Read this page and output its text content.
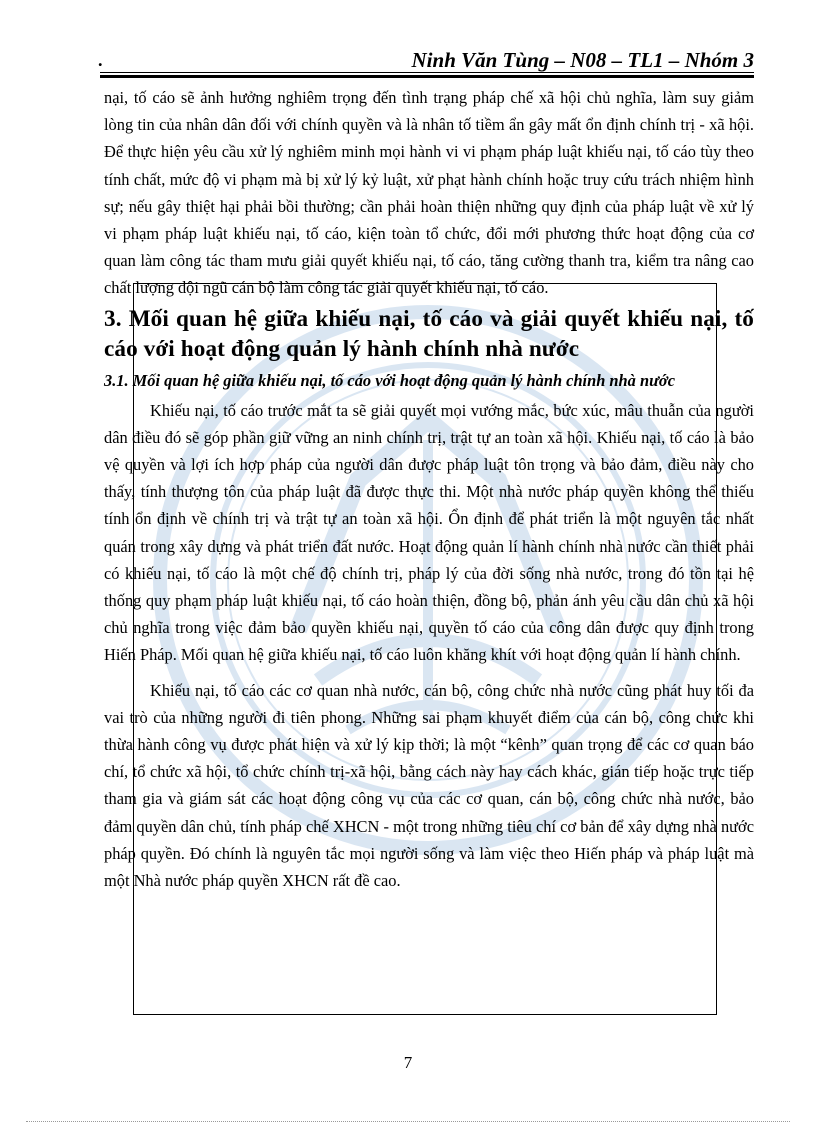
.	Ninh Văn Tùng – N08 – TL1 – Nhóm 3

nại, tố cáo sẽ ảnh hưởng nghiêm trọng đến tình trạng pháp chế xã hội chủ nghĩa, làm suy giảm lòng tin của nhân dân đối với chính quyền và là nhân tố tiềm ẩn gây mất ổn định chính trị - xã hội. Để thực hiện yêu cầu xử lý nghiêm minh mọi hành vi vi phạm pháp luật khiếu nại, tố cáo tùy theo tính chất, mức độ vi phạm mà bị xử lý kỷ luật, xử phạt hành chính hoặc truy cứu trách nhiệm hình sự; nếu gây thiệt hại phải bồi thường; cần phải hoàn thiện những quy định của pháp luật về xử lý vi phạm pháp luật khiếu nại, tố cáo, kiện toàn tổ chức, đổi mới phương thức hoạt động của cơ quan làm công tác tham mưu giải quyết khiếu nại, tố cáo, tăng cường thanh tra, kiểm tra nâng cao chất lượng đội ngũ cán bộ làm công tác giải quyết khiếu nại, tố cáo.

3. Mối quan hệ giữa khiếu nại, tố cáo và giải quyết khiếu nại, tố cáo với hoạt động quản lý hành chính nhà nước
3.1. Mối quan hệ giữa khiếu nại, tố cáo với hoạt động quản lý hành chính nhà nước

Khiếu nại, tố cáo trước mắt ta sẽ giải quyết mọi vướng mắc, bức xúc, mâu thuẫn của người dân điều đó sẽ góp phần giữ vững an ninh chính trị, trật tự an toàn xã hội. Khiếu nại, tố cáo là bảo vệ quyền và lợi ích hợp pháp của người dân được pháp luật tôn trọng và bảo đảm, điều này cho thấy, tính thượng tôn của pháp luật đã được thực thi. Một nhà nước pháp quyền không thể thiếu tính ổn định về chính trị và trật tự an toàn xã hội. Ổn định để phát triển là một nguyên tắc nhất quán trong xây dựng và phát triển đất nước. Hoạt động quản lí hành chính nhà nước cần thiết phải có khiếu nại, tố cáo là một chế độ chính trị, pháp lý của đời sống nhà nước, trong đó tồn tại hệ thống quy phạm pháp luật khiếu nại, tố cáo hoàn thiện, đồng bộ, phản ánh yêu cầu dân chủ xã hội chủ nghĩa trong việc đảm bảo quyền khiếu nại, quyền tố cáo của công dân được quy định trong Hiến Pháp. Mối quan hệ giữa khiếu nại, tố cáo luôn khăng khít với hoạt động quản lí hành chính.

Khiếu nại, tố cáo các cơ quan nhà nước, cán bộ, công chức nhà nước cũng phát huy tối đa vai trò của những người đi tiên phong. Những sai phạm khuyết điểm của cán bộ, công chức khi thừa hành công vụ được phát hiện và xử lý kịp thời; là một “kênh” quan trọng để các cơ quan báo chí, tổ chức xã hội, tổ chức chính trị-xã hội, bằng cách này hay cách khác, gián tiếp hoặc trực tiếp tham gia và giám sát các hoạt động công vụ của các cơ quan, cán bộ, công chức nhà nước, bảo đảm quyền dân chủ, tính pháp chế XHCN - một trong những tiêu chí cơ bản để xây dựng nhà nước pháp quyền. Đó chính là nguyên tắc mọi người sống và làm việc theo Hiến pháp và pháp luật mà một Nhà nước pháp quyền XHCN rất đề cao.

7
